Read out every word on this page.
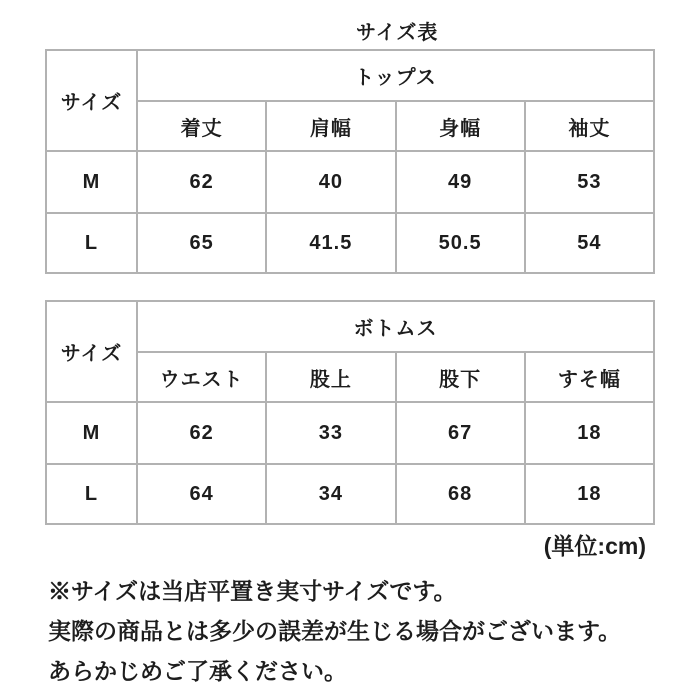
サイズ表
サイズ	トップス			
	着丈	肩幅	身幅	袖丈
M	62	40	49	53
L	65	41.5	50.5	54
サイズ	ボトムス			
	ウエスト	股上	股下	すそ幅
M	62	33	67	18
L	64	34	68	18
(単位:cm)
※サイズは当店平置き実寸サイズです。
実際の商品とは多少の誤差が生じる場合がございます。
あらかじめご了承ください。
